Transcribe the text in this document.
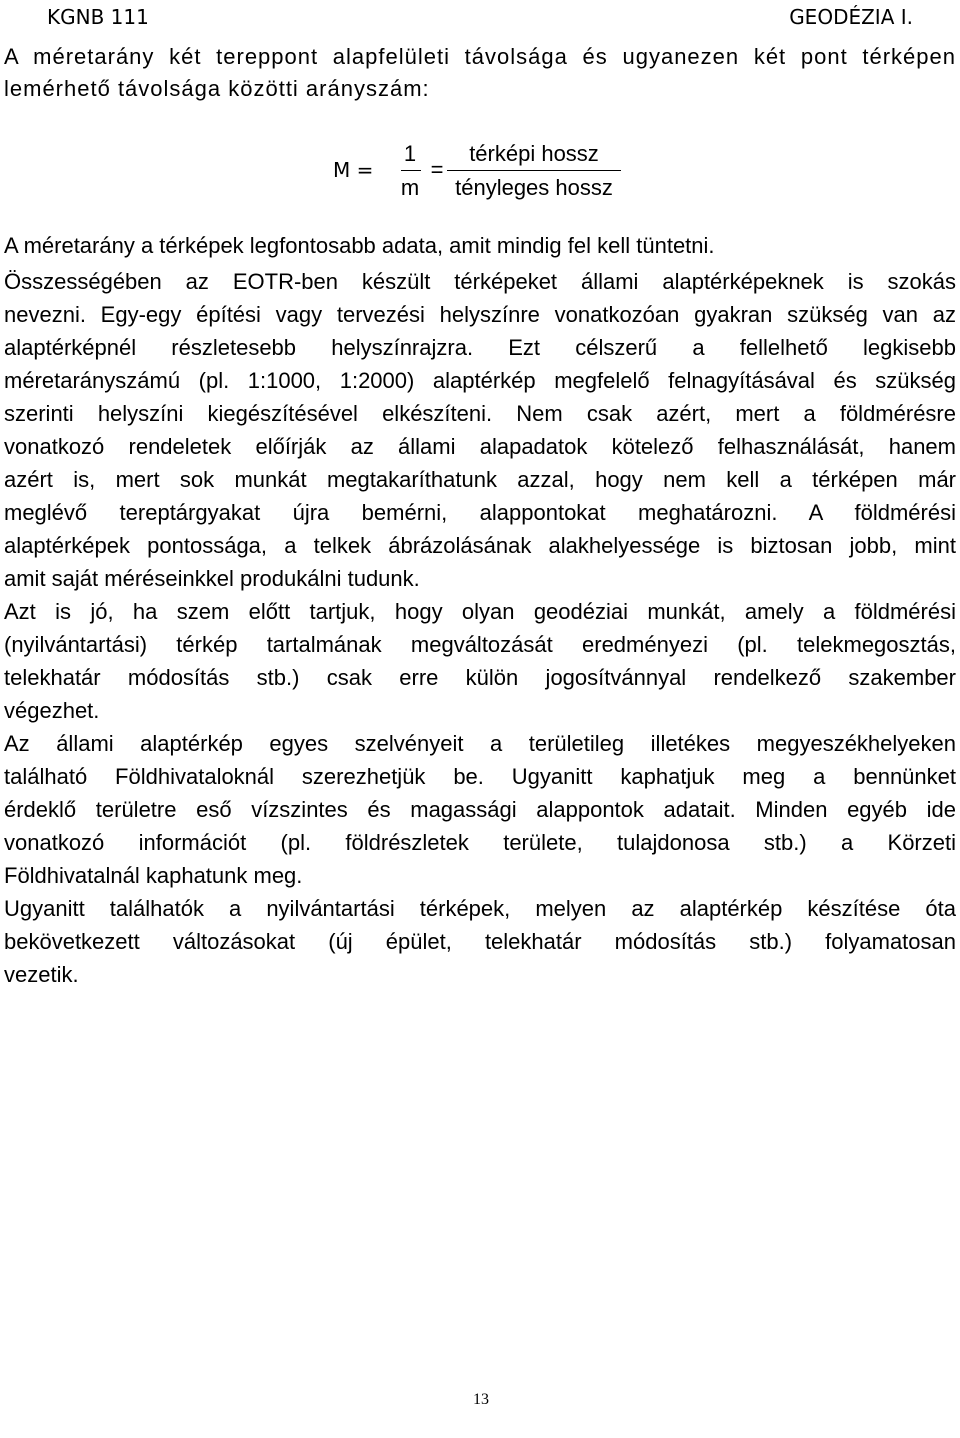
KGNB 111	GEODÉZIA I.
A méretarány két tereppont alapfelületi távolsága és ugyanezen két pont térképen
lemérhető távolsága közötti arányszám:
M =
1
m
=
térképi hossz
tényleges hossz
A méretarány a térképek legfontosabb adata, amit mindig fel kell tüntetni.
Összességében az EOTR-ben készült térképeket állami alaptérképeknek is szokás
nevezni. Egy-egy építési vagy tervezési helyszínre vonatkozóan gyakran szükség van az
alaptérképnél részletesebb helyszínrajzra. Ezt célszerű a fellelhető legkisebb
méretarányszámú (pl. 1:1000, 1:2000) alaptérkép megfelelő felnagyításával és szükség
szerinti helyszíni kiegészítésével elkészíteni. Nem csak azért, mert a földmérésre
vonatkozó rendeletek előírják az állami alapadatok kötelező felhasználását, hanem
azért is, mert sok munkát megtakaríthatunk azzal, hogy nem kell a térképen már
meglévő tereptárgyakat újra bemérni, alappontokat meghatározni. A földmérési
alaptérképek pontossága, a telkek ábrázolásának alakhelyessége is biztosan jobb, mint
amit saját méréseinkkel produkálni tudunk.
Azt is jó, ha szem előtt tartjuk, hogy olyan geodéziai munkát, amely a földmérési
(nyilvántartási) térkép tartalmának megváltozását eredményezi (pl. telekmegosztás,
telekhatár módosítás stb.) csak erre külön jogosítvánnyal rendelkező szakember
végezhet.
Az állami alaptérkép egyes szelvényeit a területileg illetékes megyeszékhelyeken
található Földhivataloknál szerezhetjük be. Ugyanitt kaphatjuk meg a bennünket
érdeklő területre eső vízszintes és magassági alappontok adatait. Minden egyéb ide
vonatkozó információt (pl. földrészletek területe, tulajdonosa stb.) a Körzeti
Földhivatalnál kaphatunk meg.
Ugyanitt találhatók a nyilvántartási térképek, melyen az alaptérkép készítése óta
bekövetkezett változásokat (új épület, telekhatár módosítás stb.) folyamatosan
vezetik.
13
